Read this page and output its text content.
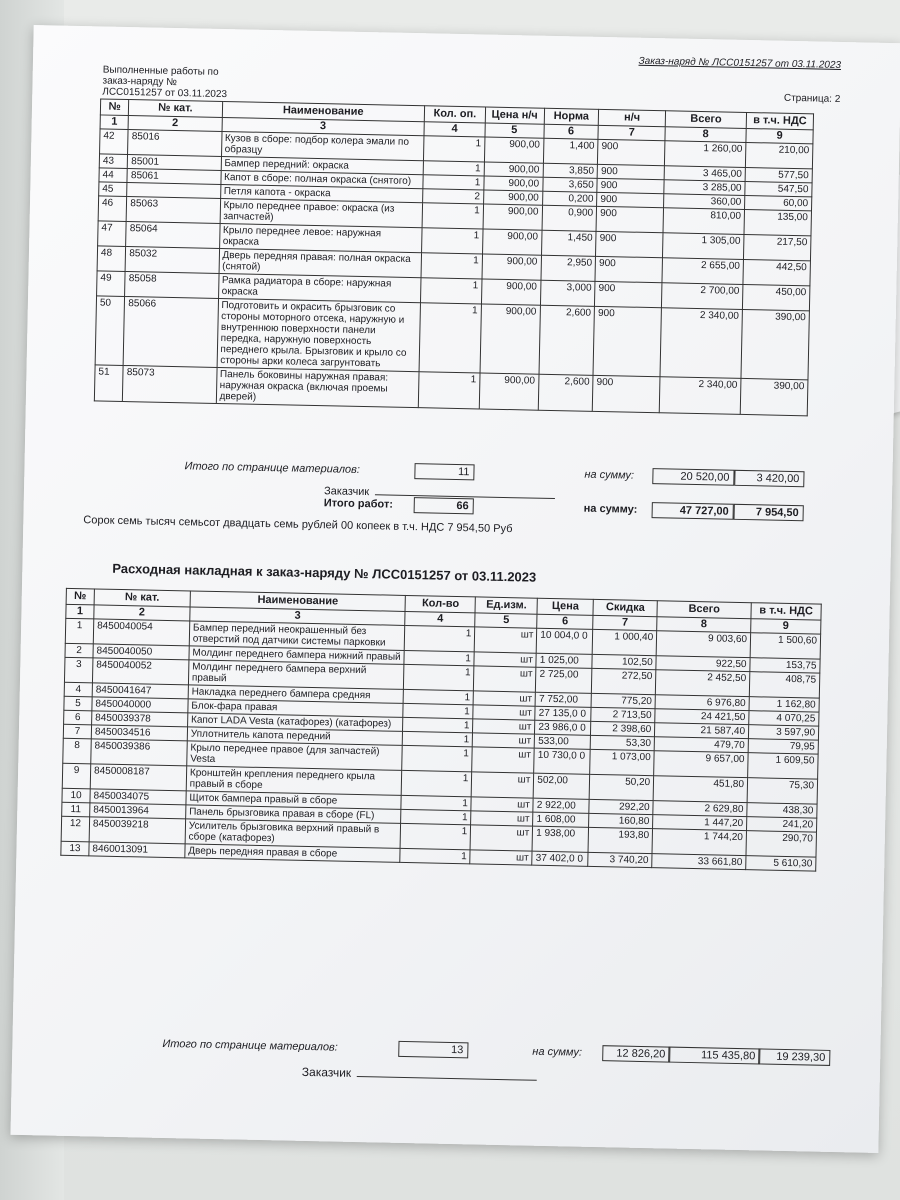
Заказ-наряд № ЛСС0151257 от 03.11.2023
Выполненные работы по
заказ-наряду №
ЛСС0151257 от 03.11.2023	Страница: 2
№	№ кат.	Наименование	Кол. оп.	Цена н/ч	Норма	н/ч	Всего	в т.ч. НДС
1	2	3	4	5	6	7	8	9
42	85016	Кузов в сборе: подбор колера эмали по образцу	1	900,00	1,400	900	1 260,00	210,00
43	85001	Бампер передний: окраска	1	900,00	3,850	900	3 465,00	577,50
44	85061	Капот в сборе: полная окраска (снятого)	1	900,00	3,650	900	3 285,00	547,50
45		Петля капота - окраска	2	900,00	0,200	900	360,00	60,00
46	85063	Крыло переднее правое: окраска (из запчастей)	1	900,00	0,900	900	810,00	135,00
47	85064	Крыло переднее левое: наружная окраска	1	900,00	1,450	900	1 305,00	217,50
48	85032	Дверь передняя правая: полная окраска (снятой)	1	900,00	2,950	900	2 655,00	442,50
49	85058	Рамка радиатора в сборе: наружная окраска	1	900,00	3,000	900	2 700,00	450,00
50	85066	Подготовить и окрасить брызговик со стороны моторного отсека, наружную и внутреннюю поверхности панели передка, наружную поверхность переднего крыла. Брызговик и крыло со стороны арки колеса загрунтовать	1	900,00	2,600	900	2 340,00	390,00
51	85073	Панель боковины наружная правая: наружная окраска (включая проемы дверей)	1	900,00	2,600	900	2 340,00	390,00
Итого по странице материалов:	11	на сумму:	20 520,00	3 420,00
Заказчик
Итого работ:	66	на сумму:	47 727,00	7 954,50
Сорок семь тысяч семьсот двадцать семь рублей 00 копеек в т.ч. НДС 7 954,50 Руб
Расходная накладная к заказ-наряду № ЛСС0151257 от 03.11.2023
№	№ кат.	Наименование	Кол-во	Ед.изм.	Цена	Скидка	Всего	в т.ч. НДС
1	2	3	4	5	6	7	8	9
1	8450040054	Бампер передний неокрашенный без отверстий под датчики системы парковки	1	шт	10 004,0 0	1 000,40	9 003,60	1 500,60
2	8450040050	Молдинг переднего бампера нижний правый	1	шт	1 025,00	102,50	922,50	153,75
3	8450040052	Молдинг переднего бампера верхний правый	1	шт	2 725,00	272,50	2 452,50	408,75
4	8450041647	Накладка переднего бампера средняя	1	шт	7 752,00	775,20	6 976,80	1 162,80
5	8450040000	Блок-фара правая	1	шт	27 135,0 0	2 713,50	24 421,50	4 070,25
6	8450039378	Капот LADA Vesta (катафорез) (катафорез)	1	шт	23 986,0 0	2 398,60	21 587,40	3 597,90
7	8450034516	Уплотнитель капота передний	1	шт	533,00	53,30	479,70	79,95
8	8450039386	Крыло переднее правое (для запчастей) Vesta	1	шт	10 730,0 0	1 073,00	9 657,00	1 609,50
9	8450008187	Кронштейн крепления переднего крыла правый в сборе	1	шт	502,00	50,20	451,80	75,30
10	8450034075	Щиток бампера правый в сборе	1	шт	2 922,00	292,20	2 629,80	438,30
11	8450013964	Панель брызговика правая в сборе (FL)	1	шт	1 608,00	160,80	1 447,20	241,20
12	8450039218	Усилитель брызговика верхний правый в сборе (катафорез)	1	шт	1 938,00	193,80	1 744,20	290,70
13	8460013091	Дверь передняя правая в сборе	1	шт	37 402,0 0	3 740,20	33 661,80	5 610,30
Итого по странице материалов:	13	на сумму:	12 826,20	115 435,80	19 239,30
Заказчик
